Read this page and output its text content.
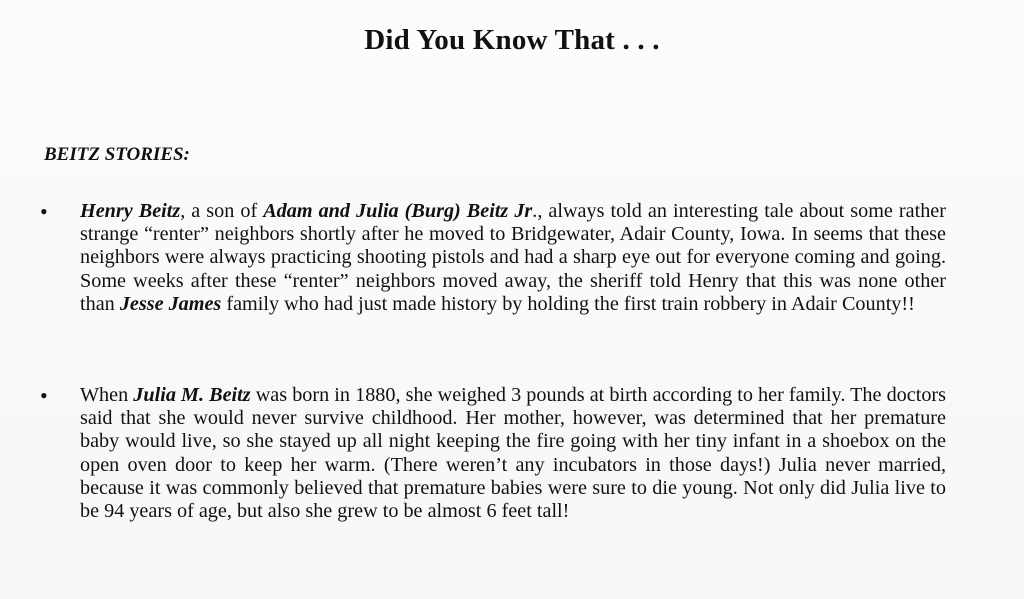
Did You Know That . . .
BEITZ STORIES:
• Henry Beitz, a son of Adam and Julia (Burg) Beitz Jr., always told an interesting tale about some rather strange “renter” neighbors shortly after he moved to Bridgewater, Adair County, Iowa. In seems that these neighbors were always practicing shooting pistols and had a sharp eye out for everyone coming and going. Some weeks after these “renter” neighbors moved away, the sheriff told Henry that this was none other than Jesse James family who had just made history by holding the first train robbery in Adair County!!
• When Julia M. Beitz was born in 1880, she weighed 3 pounds at birth according to her family. The doctors said that she would never survive childhood. Her mother, however, was determined that her premature baby would live, so she stayed up all night keeping the fire going with her tiny infant in a shoebox on the open oven door to keep her warm. (There weren’t any incubators in those days!) Julia never married, because it was commonly believed that premature babies were sure to die young. Not only did Julia live to be 94 years of age, but also she grew to be almost 6 feet tall!
